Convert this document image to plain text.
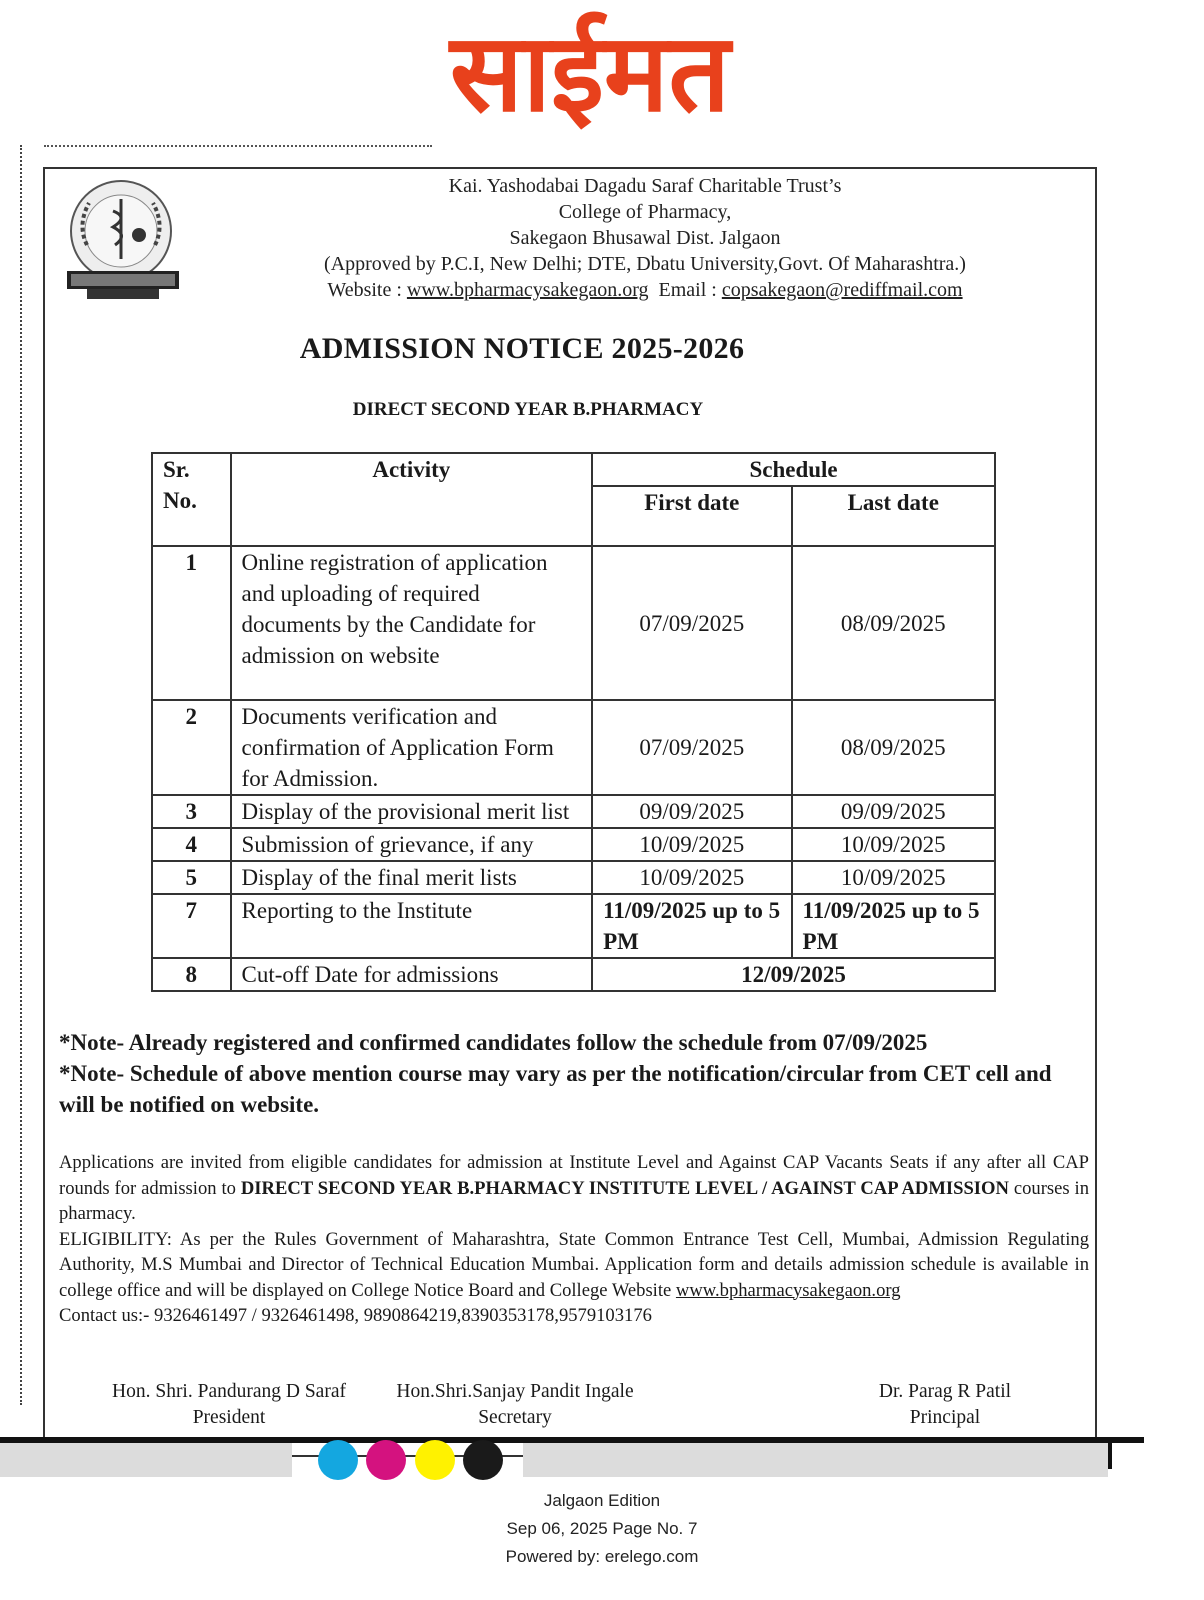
साईमत
Kai. Yashodabai Dagadu Saraf Charitable Trust’s
College of Pharmacy,
Sakegaon Bhusawal Dist. Jalgaon
(Approved by P.C.I, New Delhi; DTE, Dbatu University,Govt. Of Maharashtra.)
Website : www.bpharmacysakegaon.org  Email : copsakegaon@rediffmail.com
ADMISSION NOTICE 2025-2026
DIRECT SECOND YEAR B.PHARMACY
Sr. No.	Activity	Schedule	
		First date	Last date
1	Online registration of application and uploading of required documents by the Candidate for admission on website	07/09/2025	08/09/2025
2	Documents verification and confirmation of Application Form for Admission.	07/09/2025	08/09/2025
3	Display of the provisional merit list	09/09/2025	09/09/2025
4	Submission of grievance, if any	10/09/2025	10/09/2025
5	Display of the final merit lists	10/09/2025	10/09/2025
7	Reporting to the Institute	11/09/2025 up to 5 PM	11/09/2025 up to 5 PM
8	Cut-off Date for admissions	12/09/2025	
*Note- Already registered and confirmed candidates follow the schedule from 07/09/2025
*Note- Schedule of above mention course may vary as per the notification/circular from CET cell and will be notified on website.
Applications are invited from eligible candidates for admission at Institute Level and Against CAP Vacants Seats if any after all CAP rounds for admission to DIRECT SECOND YEAR B.PHARMACY INSTITUTE LEVEL / AGAINST CAP ADMISSION courses in pharmacy.
ELIGIBILITY: As per the Rules Government of Maharashtra, State Common Entrance Test Cell, Mumbai, Admission Regulating Authority, M.S Mumbai and Director of Technical Education Mumbai. Application form and details admission schedule is available in college office and will be displayed on College Notice Board and College Website www.bpharmacysakegaon.org
Contact us:- 9326461497 / 9326461498, 9890864219,8390353178,9579103176
Hon. Shri. Pandurang D Saraf
President
Hon.Shri.Sanjay Pandit Ingale
Secretary
Dr. Parag R Patil
Principal
Jalgaon Edition
Sep 06, 2025 Page No. 7
Powered by: erelego.com
